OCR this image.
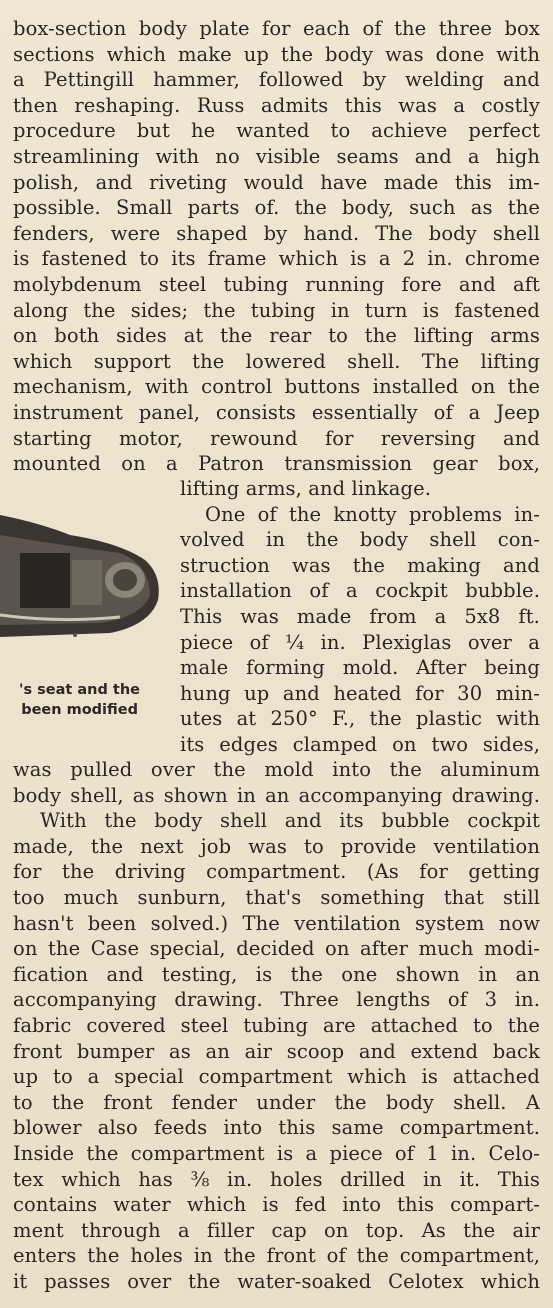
box-section body plate for each of the three box
sections which make up the body was done with
a Pettingill hammer, followed by welding and
then reshaping. Russ admits this was a costly
procedure but he wanted to achieve perfect
streamlining with no visible seams and a high
polish, and riveting would have made this im-
possible. Small parts of. the body, such as the
fenders, were shaped by hand. The body shell
is fastened to its frame which is a 2 in. chrome
molybdenum steel tubing running fore and aft
along the sides; the tubing in turn is fastened
on both sides at the rear to the lifting arms
which support the lowered shell. The lifting
mechanism, with control buttons installed on the
instrument panel, consists essentially of a Jeep
starting motor, rewound for reversing and
mounted on a Patron transmission gear box,
's seat and the
been modified
lifting arms, and linkage.
One of the knotty problems in-
volved in the body shell con-
struction was the making and
installation of a cockpit bubble.
This was made from a 5x8 ft.
piece of ¼ in. Plexiglas over a
male forming mold. After being
hung up and heated for 30 min-
utes at 250° F., the plastic with
its edges clamped on two sides,
was pulled over the mold into the aluminum
body shell, as shown in an accompanying drawing.
With the body shell and its bubble cockpit
made, the next job was to provide ventilation
for the driving compartment. (As for getting
too much sunburn, that's something that still
hasn't been solved.) The ventilation system now
on the Case special, decided on after much modi-
fication and testing, is the one shown in an
accompanying drawing. Three lengths of 3 in.
fabric covered steel tubing are attached to the
front bumper as an air scoop and extend back
up to a special compartment which is attached
to the front fender under the body shell. A
blower also feeds into this same compartment.
Inside the compartment is a piece of 1 in. Celo-
tex which has ⅜ in. holes drilled in it. This
contains water which is fed into this compart-
ment through a filler cap on top. As the air
enters the holes in the front of the compartment,
it passes over the water-soaked Celotex which
